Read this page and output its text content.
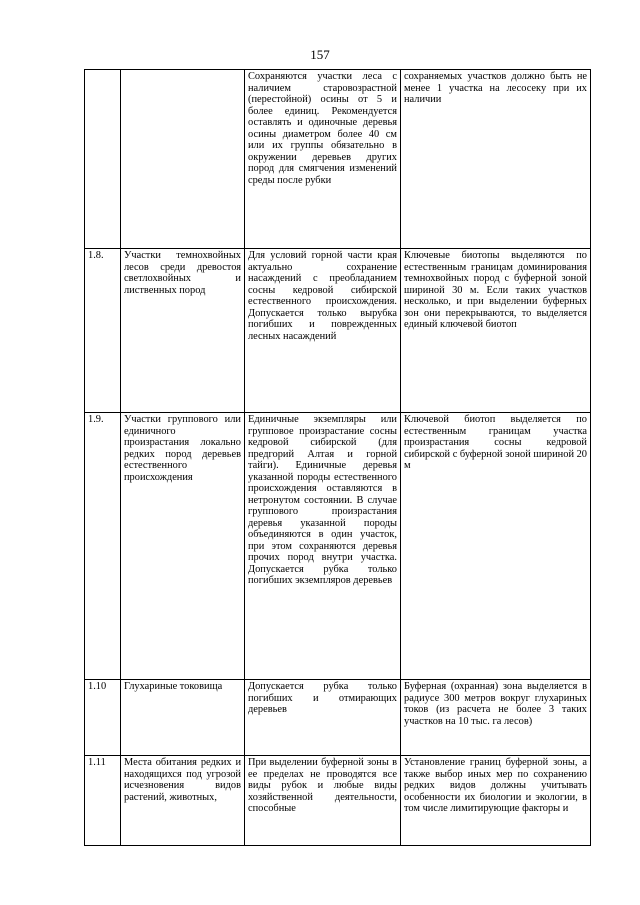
157
		Сохраняются участки леса с наличием старовозрастной (перестойной) осины от 5 и более единиц. Рекомендуется оставлять и одиночные деревья осины диаметром более 40 см или их группы обязательно в окружении деревьев других пород для смягчения изменений среды после рубки	сохраняемых участков должно быть не менее 1 участка на лесосеку при их наличии
1.8.	Участки темнохвойных лесов среди древостоя светлохвойных и лиственных пород	Для условий горной части края актуально сохранение насаждений с преобладанием сосны кедровой сибирской естественного происхождения. Допускается только вырубка погибших и поврежденных лесных насаждений	Ключевые биотопы выделяются по естественным границам доминирования темнохвойных пород с буферной зоной шириной 30 м. Если таких участков несколько, и при выделении буферных зон они перекрываются, то выделяется единый ключевой биотоп
1.9.	Участки группового или единичного произрастания локально редких пород деревьев естественного происхождения	Единичные экземпляры или групповое произрастание сосны кедровой сибирской (для предгорий Алтая и горной тайги). Единичные деревья указанной породы естественного происхождения оставляются в нетронутом состоянии. В случае группового произрастания деревья указанной породы объединяются в один участок, при этом сохраняются деревья прочих пород внутри участка. Допускается рубка только погибших экземпляров деревьев	Ключевой биотоп выделяется по естественным границам участка произрастания сосны кедровой сибирской с буферной зоной шириной 20 м
1.10	Глухариные токовища	Допускается рубка только погибших и отмирающих деревьев	Буферная (охранная) зона выделяется в радиусе 300 метров вокруг глухариных токов (из расчета не более 3 таких участков на 10 тыс. га лесов)
1.11	Места обитания редких и находящихся под угрозой исчезновения видов растений, животных,	При выделении буферной зоны в ее пределах не проводятся все виды рубок и любые виды хозяйственной деятельности, способные	Установление границ буферной зоны, а также выбор иных мер по сохранению редких видов должны учитывать особенности их биологии и экологии, в том числе лимитирующие факторы и
